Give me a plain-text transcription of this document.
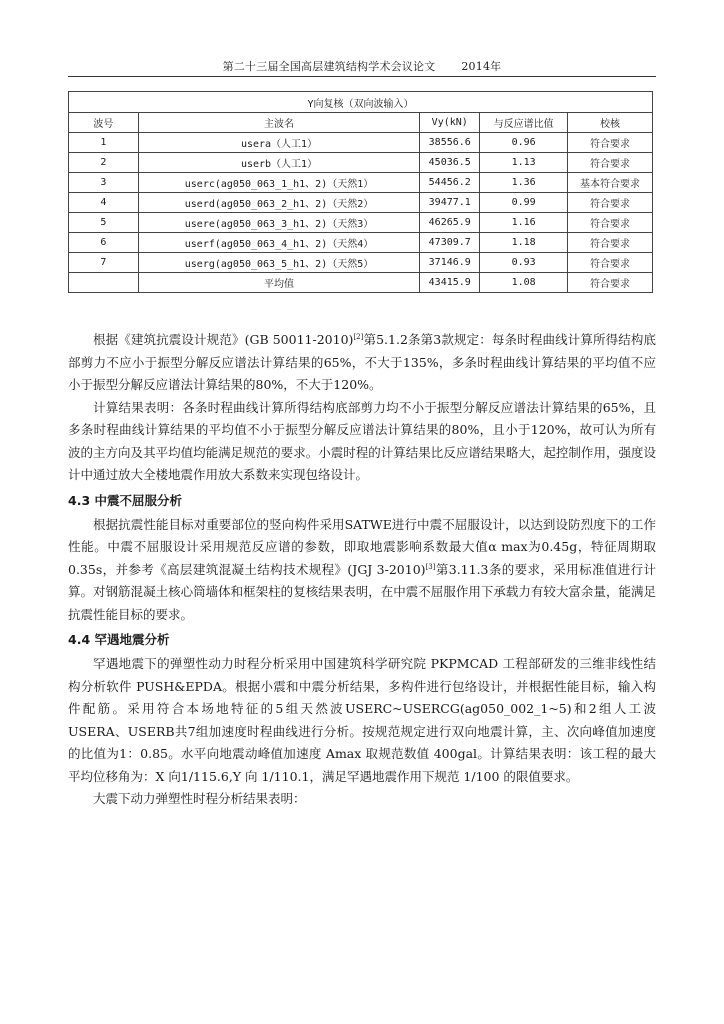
第二十三届全国高层建筑结构学术会议论文 2014年
Y向复核（双向波输入）				
波号	主波名	Vy(kN)	与反应谱比值	校核
1	usera（人工1）	38556.6	0.96	符合要求
2	userb（人工1）	45036.5	1.13	符合要求
3	userc(ag050_063_1_h1、2)（天然1）	54456.2	1.36	基本符合要求
4	userd(ag050_063_2_h1、2)（天然2）	39477.1	0.99	符合要求
5	usere(ag050_063_3_h1、2)（天然3）	46265.9	1.16	符合要求
6	userf(ag050_063_4_h1、2)（天然4）	47309.7	1.18	符合要求
7	userg(ag050_063_5_h1、2)（天然5）	37146.9	0.93	符合要求
	平均值	43415.9	1.08	符合要求

根据《建筑抗震设计规范》(GB 50011-2010)[2]第5.1.2条第3款规定：每条时程曲线计算所得结构底部剪力不应小于振型分解反应谱法计算结果的65%，不大于135%，多条时程曲线计算结果的平均值不应小于振型分解反应谱法计算结果的80%，不大于120%。

计算结果表明：各条时程曲线计算所得结构底部剪力均不小于振型分解反应谱法计算结果的65%，且多条时程曲线计算结果的平均值不小于振型分解反应谱法计算结果的80%，且小于120%，故可认为所有波的主方向及其平均值均能满足规范的要求。小震时程的计算结果比反应谱结果略大，起控制作用，强度设计中通过放大全楼地震作用放大系数来实现包络设计。

4.3 中震不屈服分析

根据抗震性能目标对重要部位的竖向构件采用SATWE进行中震不屈服设计，以达到设防烈度下的工作性能。中震不屈服设计采用规范反应谱的参数，即取地震影响系数最大值α max为0.45g，特征周期取0.35s，并参考《高层建筑混凝土结构技术规程》(JGJ 3-2010)[3]第3.11.3条的要求，采用标准值进行计算。对钢筋混凝土核心筒墙体和框架柱的复核结果表明，在中震不屈服作用下承载力有较大富余量，能满足抗震性能目标的要求。

4.4 罕遇地震分析

罕遇地震下的弹塑性动力时程分析采用中国建筑科学研究院 PKPMCAD 工程部研发的三维非线性结构分析软件 PUSH&EPDA。根据小震和中震分析结果，多构件进行包络设计，并根据性能目标，输入构件配筋。采用符合本场地特征的5组天然波USERC~USERCG(ag050_002_1~5)和2组人工波USERA、USERB共7组加速度时程曲线进行分析。按规范规定进行双向地震计算，主、次向峰值加速度的比值为1：0.85。水平向地震动峰值加速度 Amax 取规范数值 400gal。计算结果表明：该工程的最大平均位移角为：X 向1/115.6,Y 向 1/110.1，满足罕遇地震作用下规范 1/100 的限值要求。

大震下动力弹塑性时程分析结果表明：
